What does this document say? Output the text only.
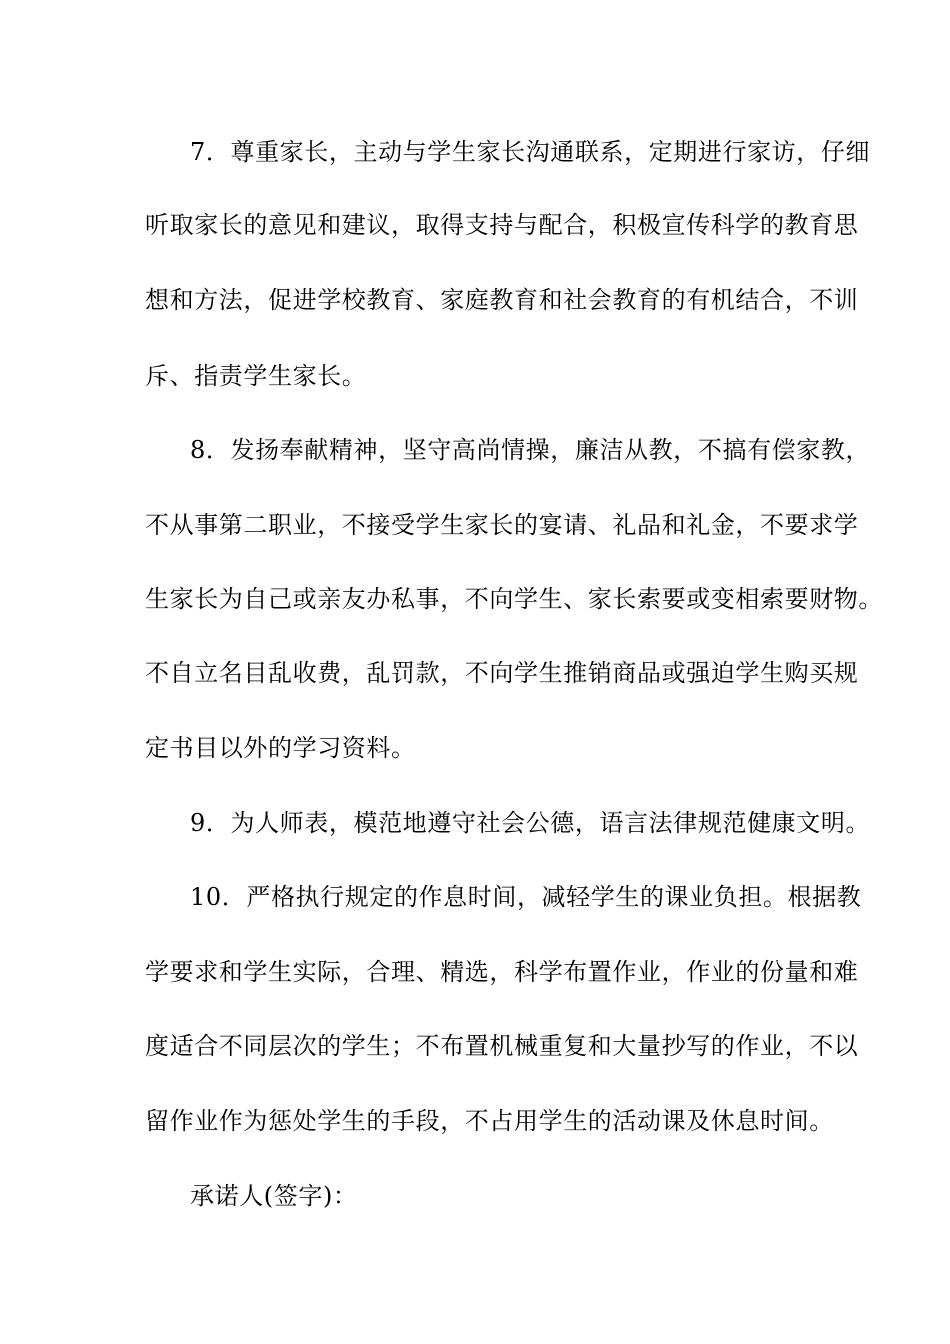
7．尊重家长，主动与学生家长沟通联系，定期进行家访，仔细
听取家长的意见和建议，取得支持与配合，积极宣传科学的教育思
想和方法，促进学校教育、家庭教育和社会教育的有机结合，不训
斥、指责学生家长。
8．发扬奉献精神，坚守高尚情操，廉洁从教，不搞有偿家教，
不从事第二职业，不接受学生家长的宴请、礼品和礼金，不要求学
生家长为自己或亲友办私事，不向学生、家长索要或变相索要财物。
不自立名目乱收费，乱罚款，不向学生推销商品或强迫学生购买规
定书目以外的学习资料。
9．为人师表，模范地遵守社会公德，语言法律规范健康文明。
10．严格执行规定的作息时间，减轻学生的课业负担。根据教
学要求和学生实际，合理、精选，科学布置作业，作业的份量和难
度适合不同层次的学生；不布置机械重复和大量抄写的作业，不以
留作业作为惩处学生的手段，不占用学生的活动课及休息时间。
承诺人(签字)：
